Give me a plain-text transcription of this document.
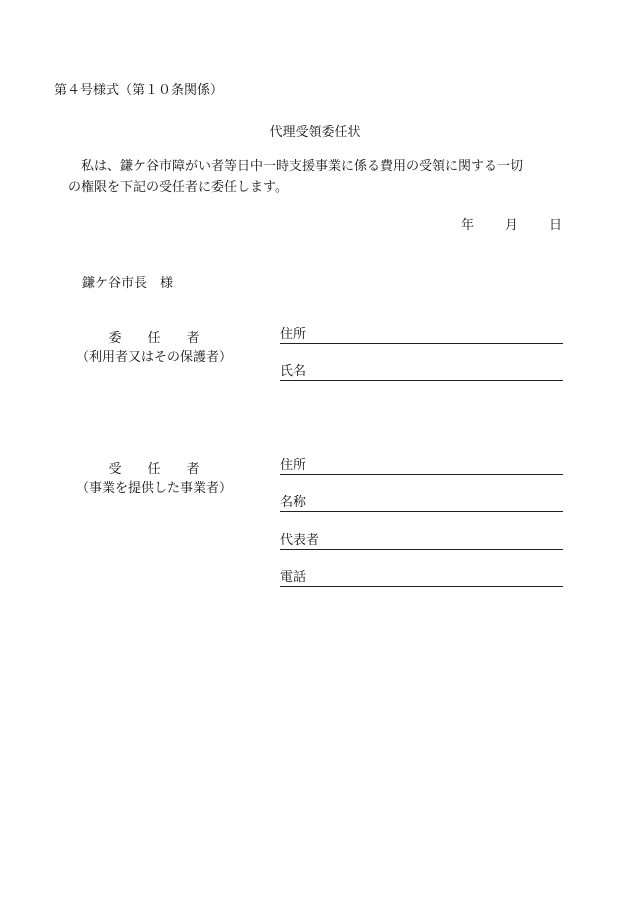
第４号様式（第１０条関係）
代理受領委任状
私は、鎌ケ谷市障がい者等日中一時支援事業に係る費用の受領に関する一切
の権限を下記の受任者に委任します。
年 月 日
鎌ケ谷市長　様
委　　任　　者
（利用者又はその保護者）
住所
氏名
受　　任　　者
（事業を提供した事業者）
住所
名称
代表者
電話
